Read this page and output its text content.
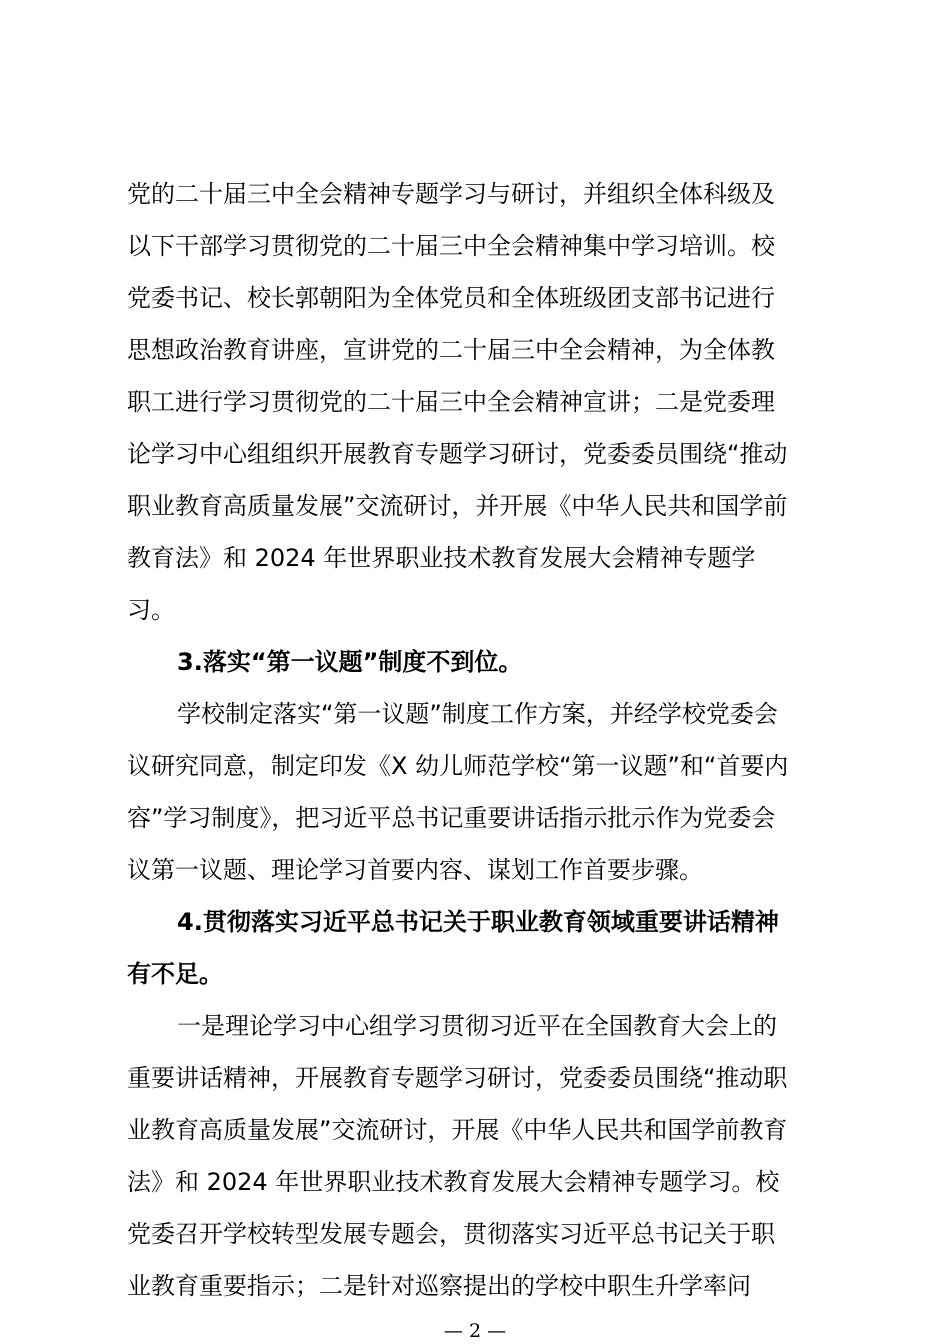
党的二十届三中全会精神专题学习与研讨，并组织全体科级及
以下干部学习贯彻党的二十届三中全会精神集中学习培训。校
党委书记、校长郭朝阳为全体党员和全体班级团支部书记进行
思想政治教育讲座，宣讲党的二十届三中全会精神，为全体教
职工进行学习贯彻党的二十届三中全会精神宣讲；二是党委理
论学习中心组组织开展教育专题学习研讨，党委委员围绕“推动
职业教育高质量发展”交流研讨，并开展《中华人民共和国学前
教育法》和 2024 年世界职业技术教育发展大会精神专题学
习。
3.落实“第一议题”制度不到位。
学校制定落实“第一议题”制度工作方案，并经学校党委会
议研究同意，制定印发《X 幼儿师范学校“第一议题”和“首要内
容”学习制度》，把习近平总书记重要讲话指示批示作为党委会
议第一议题、理论学习首要内容、谋划工作首要步骤。
4.贯彻落实习近平总书记关于职业教育领域重要讲话精神
有不足。
一是理论学习中心组学习贯彻习近平在全国教育大会上的
重要讲话精神，开展教育专题学习研讨，党委委员围绕“推动职
业教育高质量发展”交流研讨，开展《中华人民共和国学前教育
法》和 2024 年世界职业技术教育发展大会精神专题学习。校
党委召开学校转型发展专题会，贯彻落实习近平总书记关于职
业教育重要指示；二是针对巡察提出的学校中职生升学率问
— 2 —
